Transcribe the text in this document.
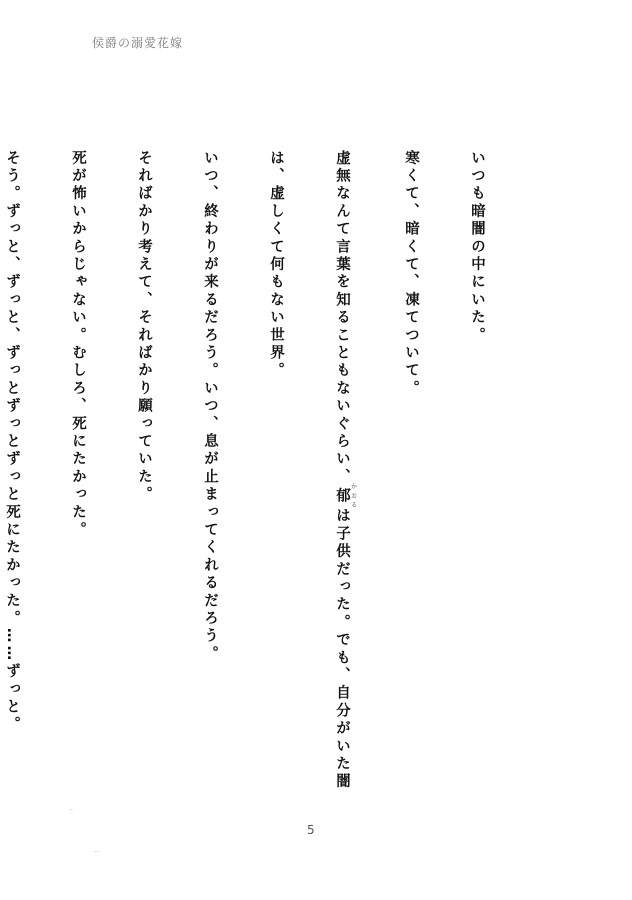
侯爵の溺愛花嫁

いつも暗闇の中にいた。

寒くて、暗くて、凍てついて。

虚無なんて言葉を知ることもないぐらい、郁 かおるは子供だった。でも、自分がいた闇

は、虚しくて何もない世界。

いつ、終わりが来るだろう。いつ、息が止まってくれるだろう。

そればかり考えて、そればかり願っていた。

死が怖いからじゃない。むしろ、死にたかった。

そう。ずっと、ずっと、ずっとずっとずっと死にたかった。……ずっと。

5
-
..
